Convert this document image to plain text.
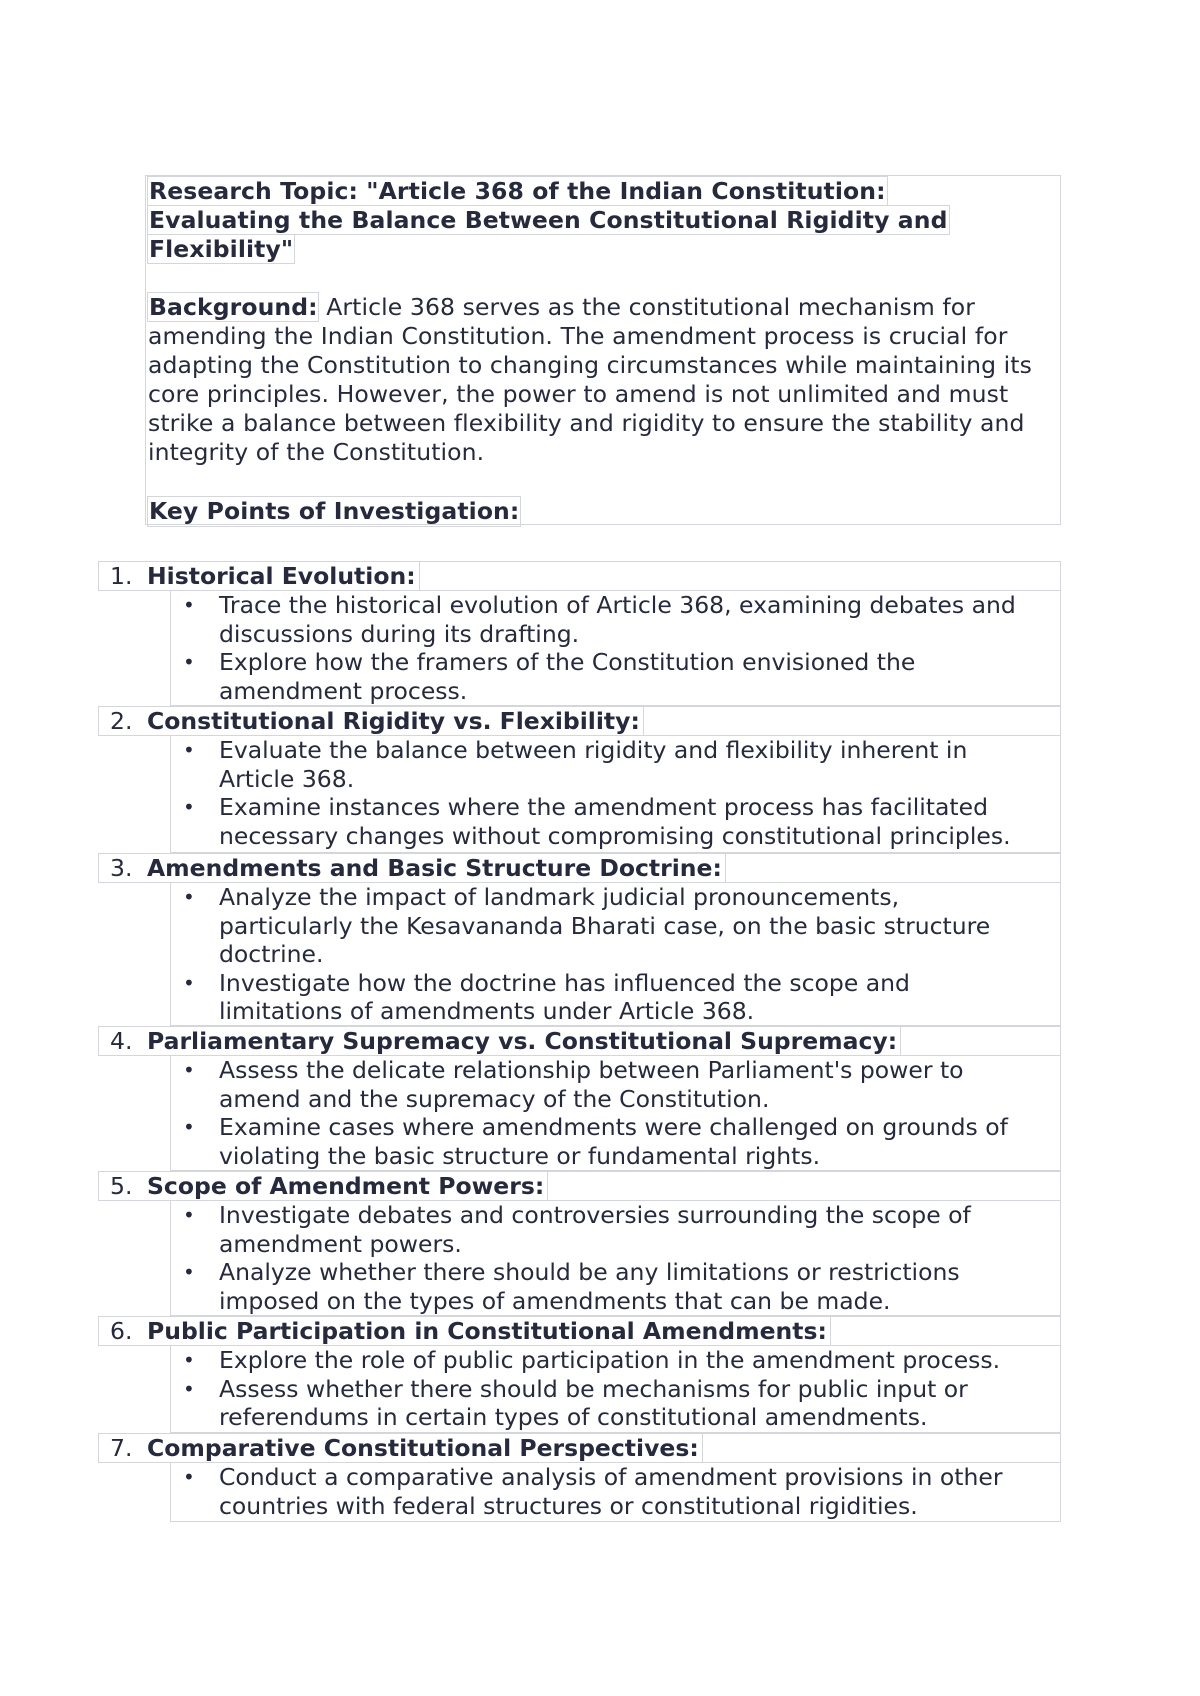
Research Topic: "Article 368 of the Indian Constitution:
Evaluating the Balance Between Constitutional Rigidity and
Flexibility"
Background: Article 368 serves as the constitutional mechanism for
amending the Indian Constitution. The amendment process is crucial for
adapting the Constitution to changing circumstances while maintaining its
core principles. However, the power to amend is not unlimited and must
strike a balance between flexibility and rigidity to ensure the stability and
integrity of the Constitution.
Key Points of Investigation:
1. Historical Evolution:
• Trace the historical evolution of Article 368, examining debates and
discussions during its drafting.
• Explore how the framers of the Constitution envisioned the
amendment process.
2. Constitutional Rigidity vs. Flexibility:
• Evaluate the balance between rigidity and flexibility inherent in
Article 368.
• Examine instances where the amendment process has facilitated
necessary changes without compromising constitutional principles.
3. Amendments and Basic Structure Doctrine:
• Analyze the impact of landmark judicial pronouncements,
particularly the Kesavananda Bharati case, on the basic structure
doctrine.
• Investigate how the doctrine has influenced the scope and
limitations of amendments under Article 368.
4. Parliamentary Supremacy vs. Constitutional Supremacy:
• Assess the delicate relationship between Parliament's power to
amend and the supremacy of the Constitution.
• Examine cases where amendments were challenged on grounds of
violating the basic structure or fundamental rights.
5. Scope of Amendment Powers:
• Investigate debates and controversies surrounding the scope of
amendment powers.
• Analyze whether there should be any limitations or restrictions
imposed on the types of amendments that can be made.
6. Public Participation in Constitutional Amendments:
• Explore the role of public participation in the amendment process.
• Assess whether there should be mechanisms for public input or
referendums in certain types of constitutional amendments.
7. Comparative Constitutional Perspectives:
• Conduct a comparative analysis of amendment provisions in other
countries with federal structures or constitutional rigidities.
